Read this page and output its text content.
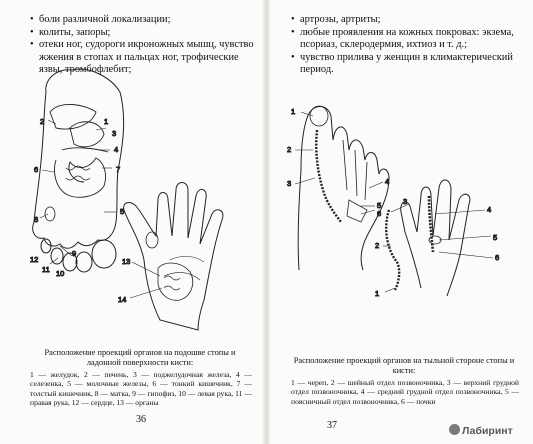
• боли различной локализации;
• колиты, запоры;
• отеки ног, судороги икроножных мышц, чувство жжения в стопах и пальцах ног, трофические язвы, тромбофлебит;
1
2
3
4
5
6	7
8
9
10
11
12	13
14
Расположение проекций органов на подошве стопы и ладонной поверхности кисти:
1 — желудок, 2 — печень, 3 — поджелудочная железа, 4 — селезенка, 5 — молочные железы, 6 — тонкий кишечник, 7 — толстый кишечник, 8 — матка, 9 — гипофиз, 10 — левая рука, 11 — правая рука, 12 — сердце, 13 — органы
36
• артрозы, артриты;
• любые проявления на кожных покровах: экзема, псориаз, склеродермия, ихтиоз и т. д.;
• чувство прилива у женщин в климактерический период.
1
2
3	4
5
6
3
4
5
6
2
1
Расположение проекций органов на тыльной стороне стопы и кисти:
1 — череп, 2 — шейный отдел позвоночника, 3 — верхний грудной отдел позвоночника, 4 — средний грудной отдел позвоночника, 5 — поясничный отдел позвоночника, 6 — почки
37	Лабиринт
